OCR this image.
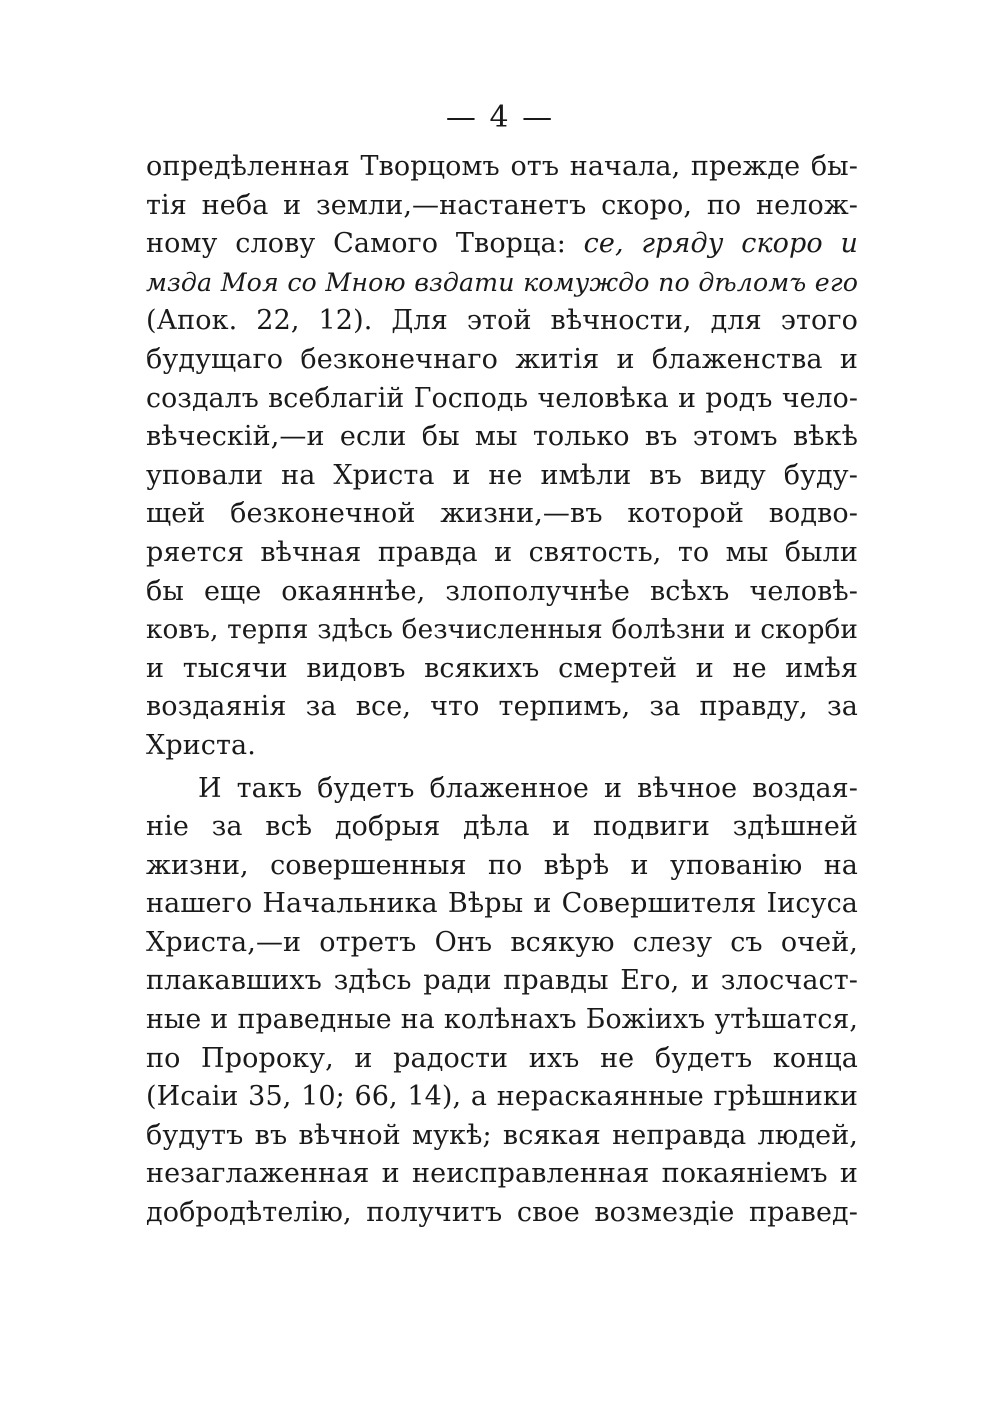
— 4 —
опредѣленная Творцомъ отъ начала, прежде бы-
тія неба и земли,—настанетъ скоро, по нелож-
ному слову Самого Творца: се, гряду скоро и
мзда Моя со Мною вздати комуждо по дѣломъ его
(Апок. 22, 12). Для этой вѣчности, для этого
будущаго безконечнаго житія и блаженства и
создалъ всеблагій Господь человѣка и родъ чело-
вѣческій,—и если бы мы только въ этомъ вѣкѣ
уповали на Христа и не имѣли въ виду буду-
щей безконечной жизни,—въ которой водво-
ряется вѣчная правда и святость, то мы были
бы еще окаяннѣе, злополучнѣе всѣхъ человѣ-
ковъ, терпя здѣсь безчисленныя болѣзни и скорби
и тысячи видовъ всякихъ смертей и не имѣя
воздаянія за все, что терпимъ, за правду, за
Христа.
И такъ будетъ блаженное и вѣчное воздая-
ніе за всѣ добрыя дѣла и подвиги здѣшней
жизни, совершенныя по вѣрѣ и упованію на
нашего Начальника Вѣры и Совершителя Іисуса
Христа,—и отретъ Онъ всякую слезу съ очей,
плакавшихъ здѣсь ради правды Его, и злосчаст-
ные и праведные на колѣнахъ Божіихъ утѣшатся,
по Пророку, и радости ихъ не будетъ конца
(Исаіи 35, 10; 66, 14), а нераскаянные грѣшники
будутъ въ вѣчной мукѣ; всякая неправда людей,
незаглаженная и неисправленная покаяніемъ и
добродѣтелію, получитъ свое возмездіе правед-
